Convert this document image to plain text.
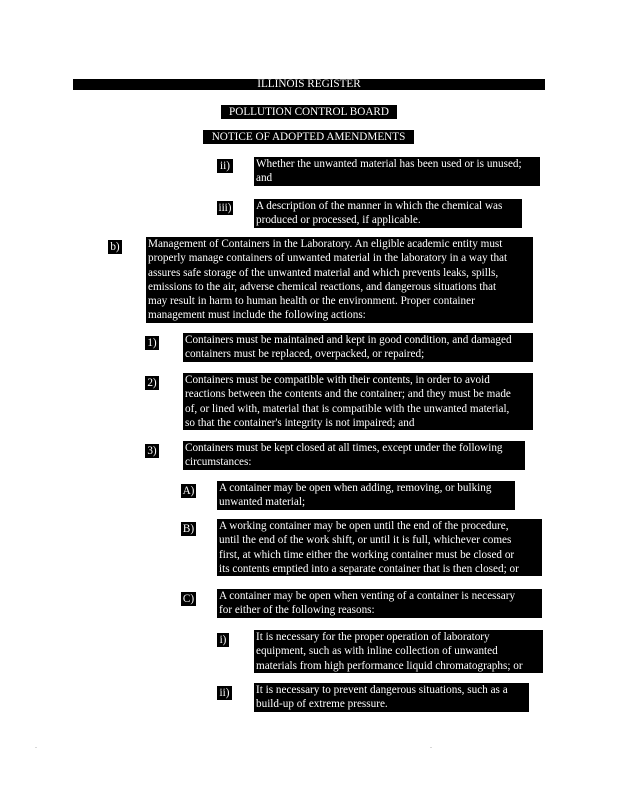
ILLINOIS REGISTER
POLLUTION CONTROL BOARD
NOTICE OF ADOPTED AMENDMENTS
ii) Whether the unwanted material has been used or is unused;
and
iii) A description of the manner in which the chemical was
produced or processed, if applicable.
b)	Management of Containers in the Laboratory. An eligible academic entity must
properly manage containers of unwanted material in the laboratory in a way that
assures safe storage of the unwanted material and which prevents leaks, spills,
emissions to the air, adverse chemical reactions, and dangerous situations that
may result in harm to human health or the environment. Proper container
management must include the following actions:
1)	Containers must be maintained and kept in good condition, and damaged
containers must be replaced, overpacked, or repaired;
2)	Containers must be compatible with their contents, in order to avoid
reactions between the contents and the container; and they must be made
of, or lined with, material that is compatible with the unwanted material,
so that the container's integrity is not impaired; and
3)	Containers must be kept closed at all times, except under the following
circumstances:
A) A container may be open when adding, removing, or bulking
unwanted material;
B) A working container may be open until the end of the procedure,
until the end of the work shift, or until it is full, whichever comes
first, at which time either the working container must be closed or
its contents emptied into a separate container that is then closed; or
C) A container may be open when venting of a container is necessary
for either of the following reasons:
i)	It is necessary for the proper operation of laboratory
equipment, such as with inline collection of unwanted
materials from high performance liquid chromatographs; or
ii) It is necessary to prevent dangerous situations, such as a
build-up of extreme pressure.
